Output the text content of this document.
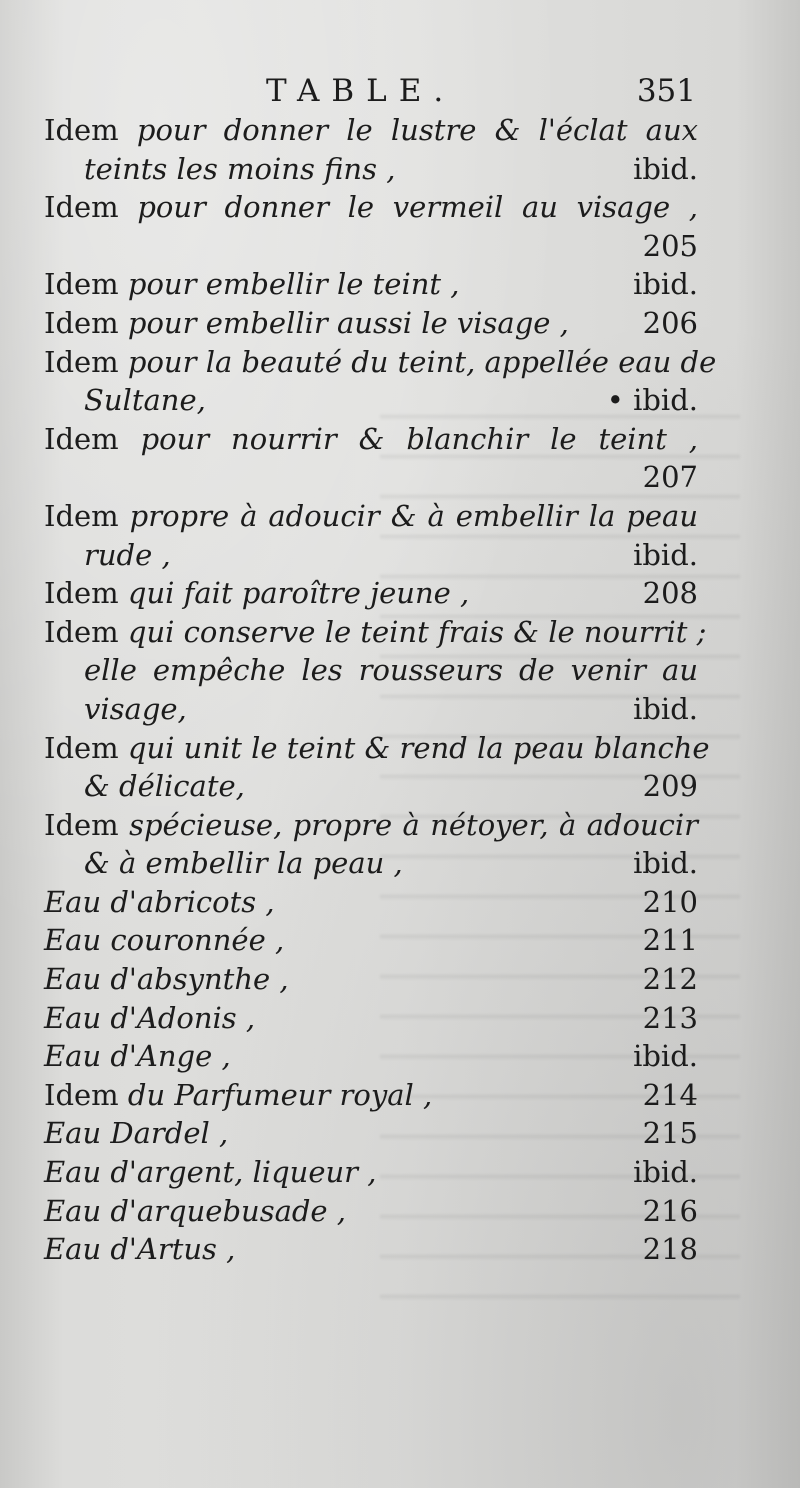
TABLE.	351
Idem pour donner le lustre & l'éclat aux
teints les moins fins ,	ibid.
Idem pour donner le vermeil au visage ,
205
Idem pour embellir le teint ,	ibid.
Idem pour embellir aussi le visage ,	206
Idem pour la beauté du teint, appellée eau de
Sultane,	• ibid.
Idem pour nourrir & blanchir le teint ,
207
Idem propre à adoucir & à embellir la peau
rude ,	ibid.
Idem qui fait paroître jeune ,	208
Idem qui conserve le teint frais & le nourrit ;
elle empêche les rousseurs de venir au
visage,	ibid.
Idem qui unit le teint & rend la peau blanche
& délicate,	209
Idem spécieuse, propre à nétoyer, à adoucir
& à embellir la peau ,	ibid.
Eau d'abricots ,	210
Eau couronnée ,	211
Eau d'absynthe ,	212
Eau d'Adonis ,	213
Eau d'Ange ,	ibid.
Idem du Parfumeur royal ,	214
Eau Dardel ,	215
Eau d'argent, liqueur ,	ibid.
Eau d'arquebusade ,	216
Eau d'Artus ,	218
